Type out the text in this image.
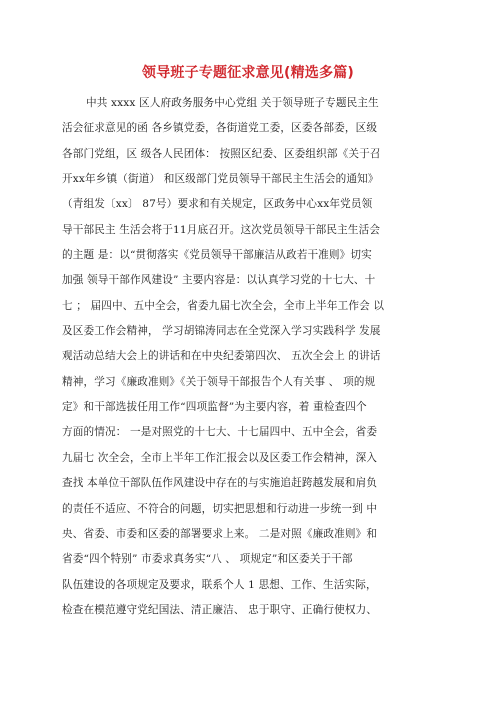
领导班子专题征求意见(精选多篇)
中共 xxxx 区人府政务服务中心党组 关于领导班子专题民主生
活会征求意见的函 各乡镇党委，各街道党工委，区委各部委，区级
各部门党组，区 级各人民团体： 按照区纪委、区委组织部《关于召
开xx年乡镇（街道） 和区级部门党员领导干部民主生活会的通知》
（青组发〔xx〕 87号）要求和有关规定，区政务中心xx年党员领
导干部民主 生活会将于11月底召开。这次党员领导干部民主生活会
的主题 是：以“贯彻落实《党员领导干部廉洁从政若干准则》切实
加强 领导干部作风建设” 主要内容是：以认真学习党的十七大、十
七 ； 届四中、五中全会，省委九届七次全会，全市上半年工作会 以
及区委工作会精神， 学习胡锦涛同志在全党深入学习实践科学 发展
观活动总结大会上的讲话和在中央纪委第四次、 五次全会上 的讲话
精神，学习《廉政准则》《关于领导干部报告个人有关事 、 项的规
定》和干部选拔任用工作“四项监督”为主要内容，着 重检查四个
方面的情况： 一是对照党的十七大、十七届四中、五中全会，省委
九届七 次全会，全市上半年工作汇报会以及区委工作会精神，深入
查找 本单位干部队伍作风建设中存在的与实施追赶跨越发展和肩负
的责任不适应、不符合的问题，切实把思想和行动进一步统一到 中
央、省委、市委和区委的部署要求上来。 二是对照《廉政准则》和
省委“四个特别” 市委求真务实“八 、 项规定”和区委关于干部
队伍建设的各项规定及要求，联系个人 1 思想、工作、生活实际，
检查在模范遵守党纪国法、清正廉洁、 忠于职守、正确行使权力、
